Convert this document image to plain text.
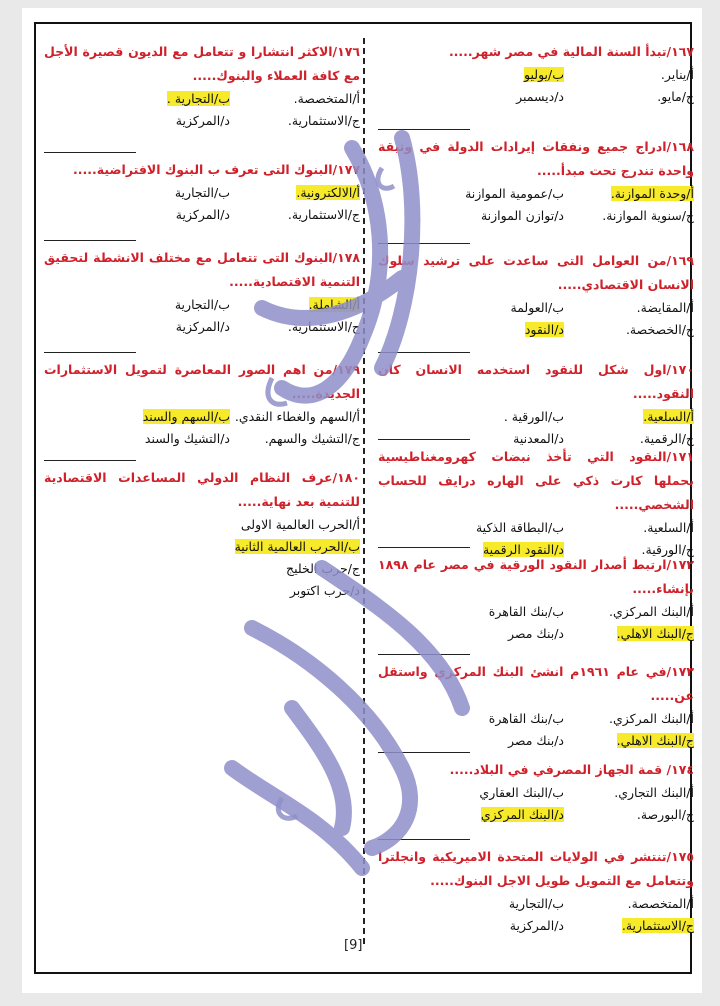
١٦٧/تبدأ السنة المالية في مصر شهر.....

أ/يناير.
ب/يوليو
ج/مايو.
د/ديسمبر

١٦٨/ادراج جميع ونفقات إيرادات الدولة في وثيقة واحدة تندرج تحت مبدأ.....

أ/وحدة الموازنة.
ب/عمومية الموازنة
ج/سنوية الموازنة.
د/توازن الموازنة

١٦٩/من العوامل التى ساعدت على ترشيد سلوك الانسان الاقتصادي.....

أ/المقايضة.
ب/العولمة
ج/الخصخصة.
د/النقود

١٧٠/اول شكل للنقود استخدمه الانسان كان النقود.....

أ/السلعية.
ب/الورقية .
ج/الرقمية.
د/المعدنية

١٧١/النقود التي تأخذ نبضات كهرومغناطيسية بحملها كارت ذكي على الهاره درايف للحساب الشخصي.....

أ/السلعية.
ب/البطاقة الذكية
ج/الورقية.
د/النقود الرقمية

١٧٢/ارتبط أصدار النقود الورقية في مصر عام ١٨٩٨ بإنشاء.....

أ/البنك المركزي.
ب/بنك القاهرة
ج/البنك الاهلي.
د/بنك مصر

١٧٣/في عام ١٩٦١م انشئ البنك المركزي واستقل عن.....

أ/البنك المركزي.
ب/بنك القاهرة
ج/البنك الاهلي.
د/بنك مصر

١٧٤/ قمة الجهاز المصرفي في البلاد.....

أ/البنك التجاري.
ب/البنك العقاري
ج/البورصة.
د/البنك المركزي

١٧٥/تنتشر في الولايات المتحدة الاميريكية وانجلترا وتتعامل مع التمويل طويل الاجل البنوك.....

أ/المتخصصة.
ب/التجارية
ج/الاستثمارية.
د/المركزية

١٧٦/الاكثر انتشارا و تتعامل مع الديون قصيرة الأجل مع كافة العملاء والبنوك.....

أ/المتخصصة.
ب/التجارية .
ج/الاستثمارية.
د/المركزية

١٧٧/البنوك التى تعرف ب البنوك الافتراضية.....

أ/الالكترونية.
ب/التجارية
ج/الاستثمارية.
د/المركزية

١٧٨/البنوك التى تتعامل مع مختلف الانشطة لتحقيق التنمية الاقتصادية.....

أ/الشاملة.
ب/التجارية
ج/الاستثمارية.
د/المركزية

١٧٩/من اهم الصور المعاصرة لتمويل الاستثمارات الجديدة.....

أ/السهم والغطاء النقدي.
ب/السهم والسند
ج/التشيك والسهم.
د/التشيك والسند

١٨٠/عرف النظام الدولي المساعدات الاقتصادية للتنمية بعد نهاية.....

أ/الحرب العالمية الاولى
ب/الحرب العالمية الثانية
ج/حرب الخليج
د/حرب اكتوبر
[9]
